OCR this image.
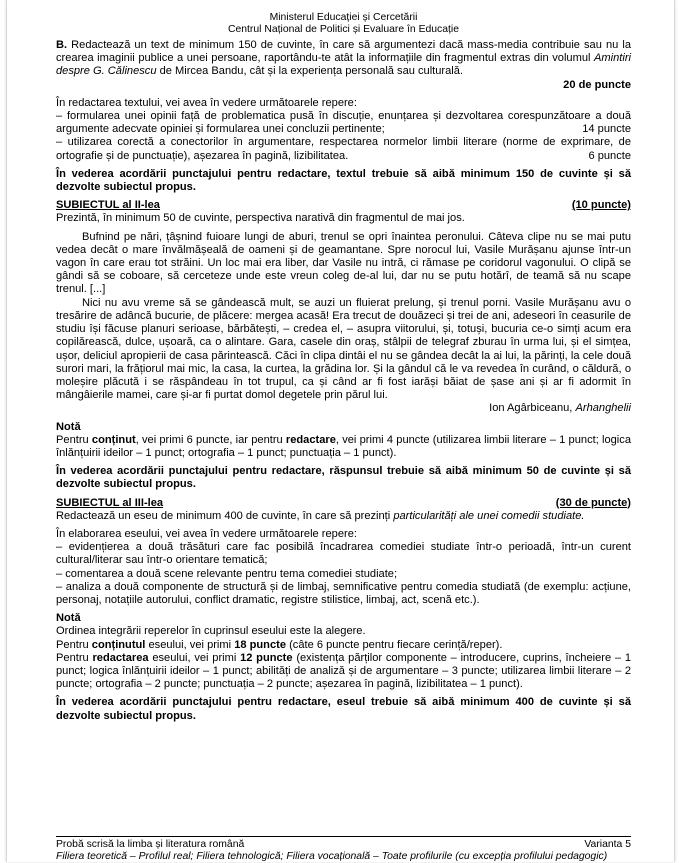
Ministerul Educației și Cercetării
Centrul Național de Politici și Evaluare în Educație

B. Redactează un text de minimum 150 de cuvinte, în care să argumentezi dacă mass-media contribuie sau nu la crearea imaginii publice a unei persoane, raportându-te atât la informațiile din fragmentul extras din volumul Amintiri despre G. Călinescu de Mircea Bandu, cât și la experiența personală sau culturală.

20 de puncte

În redactarea textului, vei avea în vedere următoarele repere:

– formularea unei opinii față de problematica pusă în discuție, enunțarea și dezvoltarea corespunzătoare a două argumente adecvate opiniei și formularea unei concluzii pertinente;	14 puncte

– utilizarea corectă a conectorilor în argumentare, respectarea normelor limbii literare (norme de exprimare, de ortografie și de punctuație), așezarea în pagină, lizibilitatea.	6 puncte

În vederea acordării punctajului pentru redactare, textul trebuie să aibă minimum 150 de cuvinte și să dezvolte subiectul propus.

SUBIECTUL al II-lea	(10 puncte)

Prezintă, în minimum 50 de cuvinte, perspectiva narativă din fragmentul de mai jos.

Bufnind pe nări, țâșnind fuioare lungi de aburi, trenul se opri înaintea peronului. Câteva clipe nu se mai putu vedea decât o mare învălmășeală de oameni și de geamantane. Spre norocul lui, Vasile Murășanu ajunse într-un vagon în care erau tot străini. Un loc mai era liber, dar Vasile nu intră, ci rămase pe coridorul vagonului. O clipă se gândi să se coboare, să cerceteze unde este vreun coleg de-al lui, dar nu se putu hotărî, de teamă să nu scape trenul. [...]

Nici nu avu vreme să se gândească mult, se auzi un fluierat prelung, și trenul porni. Vasile Murășanu avu o tresărire de adâncă bucurie, de plăcere: mergea acasă! Era trecut de douăzeci și trei de ani, adeseori în ceasurile de studiu își făcuse planuri serioase, bărbătești, – credea el, – asupra viitorului, și, totuși, bucuria ce-o simți acum era copilărească, dulce, ușoară, ca o alintare. Gara, casele din oraș, stâlpii de telegraf zburau în urma lui, și el simțea, ușor, deliciul apropierii de casa părintească. Căci în clipa dintâi el nu se gândea decât la ai lui, la părinți, la cele două surori mari, la frățiorul mai mic, la casa, la curtea, la grădina lor. Și la gândul că le va revedea în curând, o căldură, o moleșire plăcută i se răspândeau în tot trupul, ca și când ar fi fost iarăși băiat de șase ani și ar fi adormit în mângâierile mamei, care și-ar fi purtat domol degetele prin părul lui.

Ion Agârbiceanu, Arhanghelii

Notă

Pentru conținut, vei primi 6 puncte, iar pentru redactare, vei primi 4 puncte (utilizarea limbii literare – 1 punct; logica înlănțuirii ideilor – 1 punct; ortografia – 1 punct; punctuația – 1 punct).

În vederea acordării punctajului pentru redactare, răspunsul trebuie să aibă minimum 50 de cuvinte și să dezvolte subiectul propus.

SUBIECTUL al III-lea	(30 de puncte)

Redactează un eseu de minimum 400 de cuvinte, în care să prezinți particularități ale unei comedii studiate.

În elaborarea eseului, vei avea în vedere următoarele repere:

– evidențierea a două trăsături care fac posibilă încadrarea comediei studiate într-o perioadă, într-un curent cultural/literar sau într-o orientare tematică;

– comentarea a două scene relevante pentru tema comediei studiate;

– analiza a două componente de structură și de limbaj, semnificative pentru comedia studiată (de exemplu: acțiune, personaj, notațiile autorului, conflict dramatic, registre stilistice, limbaj, act, scenă etc.).

Notă

Ordinea integrării reperelor în cuprinsul eseului este la alegere.

Pentru conținutul eseului, vei primi 18 puncte (câte 6 puncte pentru fiecare cerință/reper).

Pentru redactarea eseului, vei primi 12 puncte (existența părților componente – introducere, cuprins, încheiere – 1 punct; logica înlănțuirii ideilor – 1 punct; abilități de analiză și de argumentare – 3 puncte; utilizarea limbii literare – 2 puncte; ortografia – 2 puncte; punctuația – 2 puncte; așezarea în pagină, lizibilitatea – 1 punct).

În vederea acordării punctajului pentru redactare, eseul trebuie să aibă minimum 400 de cuvinte și să dezvolte subiectul propus.

Probă scrisă la limba și literatura română	Varianta 5
Filiera teoretică – Profilul real; Filiera tehnologică; Filiera vocațională – Toate profilurile (cu excepția profilului pedagogic)
